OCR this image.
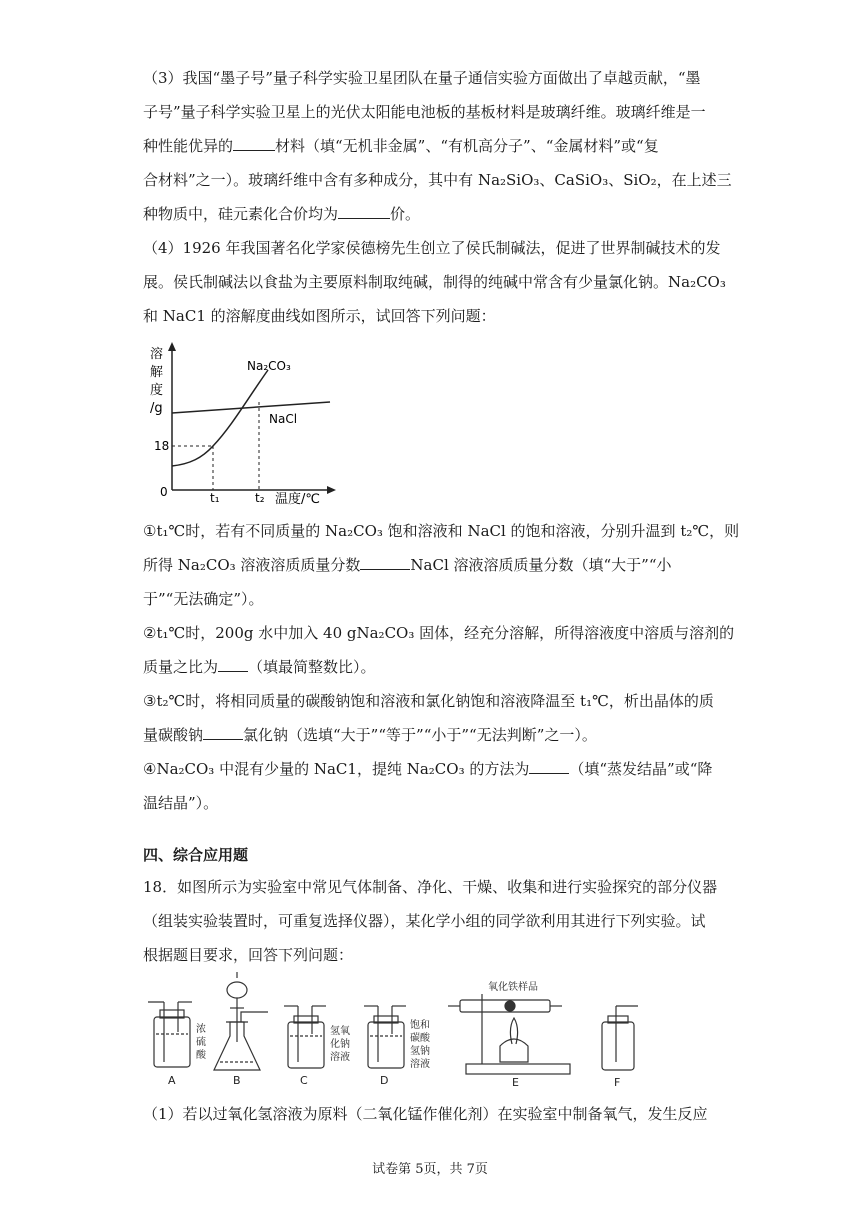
（3）我国“墨子号”量子科学实验卫星团队在量子通信实验方面做出了卓越贡献，“墨
子号”量子科学实验卫星上的光伏太阳能电池板的基板材料是玻璃纤维。玻璃纤维是一
种性能优异的	材料（填“无机非金属”、“有机高分子”、“金属材料”或“复
合材料”之一）。玻璃纤维中含有多种成分，其中有 Na₂SiO₃、CaSiO₃、SiO₂，在上述三
种物质中，硅元素化合价均为	价。
（4）1926 年我国著名化学家侯德榜先生创立了侯氏制碱法，促进了世界制碱技术的发
展。侯氏制碱法以食盐为主要原料制取纯碱，制得的纯碱中常含有少量氯化钠。Na₂CO₃
和 NaC1 的溶解度曲线如图所示，试回答下列问题：
溶
解
度
/g
18
0	t₁	t₂ 温度/℃
Na₂CO₃
NaCl
①t₁℃时，若有不同质量的 Na₂CO₃ 饱和溶液和 NaCl 的饱和溶液，分别升温到 t₂℃，则
所得 Na₂CO₃ 溶液溶质质量分数	NaCl 溶液溶质质量分数（填“大于”“小
于”“无法确定”）。
②t₁℃时，200g 水中加入 40 gNa₂CO₃ 固体，经充分溶解，所得溶液度中溶质与溶剂的
质量之比为 （填最简整数比）。
③t₂℃时，将相同质量的碳酸钠饱和溶液和氯化钠饱和溶液降温至 t₁℃，析出晶体的质
量碳酸钠	氯化钠（选填“大于”“等于”“小于”“无法判断”之一）。
④Na₂CO₃ 中混有少量的 NaC1，提纯 Na₂CO₃ 的方法为	（填“蒸发结晶”或“降
温结晶”）。
四、综合应用题
18．如图所示为实验室中常见气体制备、净化、干燥、收集和进行实验探究的部分仪器
（组装实验装置时，可重复选择仪器），某化学小组的同学欲利用其进行下列实验。试
根据题目要求，回答下列问题：
A
浓
硫
酸
B	C
氢氧
化钠
溶液
D
饱和
碳酸
氢钠
溶液
氧化铁样品
E	F
（1）若以过氧化氢溶液为原料（二氧化锰作催化剂）在实验室中制备氧气，发生反应
试卷第 5页，共 7页
